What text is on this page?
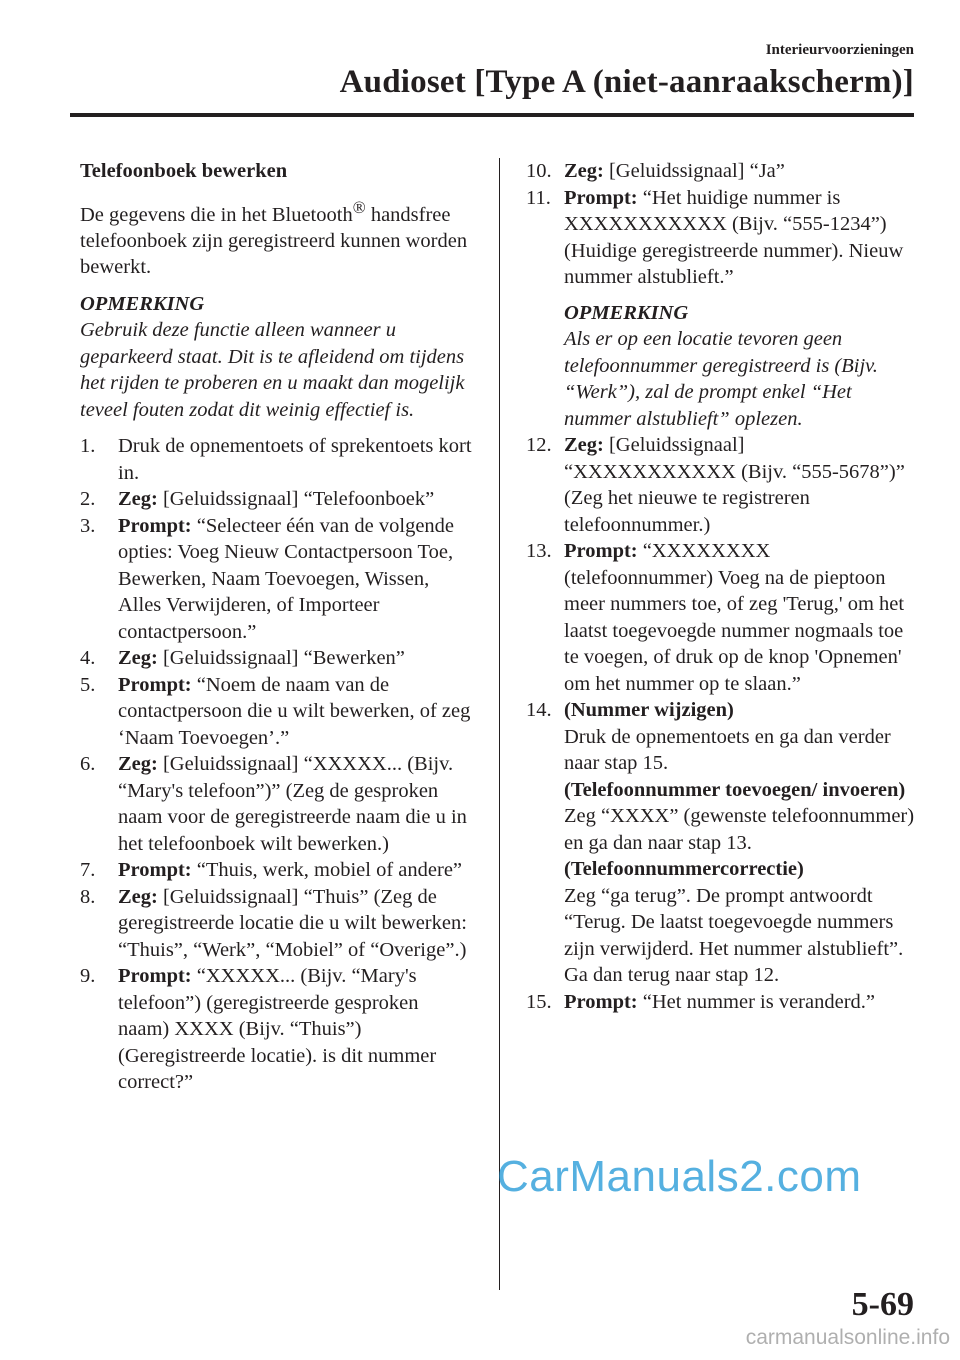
Interieurvoorzieningen
Audioset [Type A (niet-aanraakscherm)]
Telefoonboek bewerken
De gegevens die in het Bluetooth® handsfree telefoonboek zijn geregistreerd kunnen worden bewerkt.
OPMERKING
Gebruik deze functie alleen wanneer u geparkeerd staat. Dit is te afleidend om tijdens het rijden te proberen en u maakt dan mogelijk teveel fouten zodat dit weinig effectief is.
1. Druk de opnementoets of sprekentoets kort in.
2. Zeg: [Geluidssignaal] “Telefoonboek”
3. Prompt: “Selecteer één van de volgende opties: Voeg Nieuw Contactpersoon Toe, Bewerken, Naam Toevoegen, Wissen, Alles Verwijderen, of Importeer contactpersoon.”
4. Zeg: [Geluidssignaal] “Bewerken”
5. Prompt: “Noem de naam van de contactpersoon die u wilt bewerken, of zeg ‘Naam Toevoegen’.”
6. Zeg: [Geluidssignaal] “XXXXX... (Bijv. “Mary's telefoon”)” (Zeg de gesproken naam voor de geregistreerde naam die u in het telefoonboek wilt bewerken.)
7. Prompt: “Thuis, werk, mobiel of andere”
8. Zeg: [Geluidssignaal] “Thuis” (Zeg de geregistreerde locatie die u wilt bewerken: “Thuis”, “Werk”, “Mobiel” of “Overige”.)
9. Prompt: “XXXXX... (Bijv. “Mary's telefoon”) (geregistreerde gesproken naam) XXXX (Bijv. “Thuis”) (Geregistreerde locatie). is dit nummer correct?”
10. Zeg: [Geluidssignaal] “Ja”
11. Prompt: “Het huidige nummer is XXXXXXXXXXX (Bijv. “555-1234”) (Huidige geregistreerde nummer). Nieuw nummer alstublieft.”
OPMERKING
Als er op een locatie tevoren geen telefoonnummer geregistreerd is (Bijv. “Werk”), zal de prompt enkel “Het nummer alstublieft” oplezen.
12. Zeg: [Geluidssignaal] “XXXXXXXXXXX (Bijv. “555-5678”)” (Zeg het nieuwe te registreren telefoonnummer.)
13. Prompt: “XXXXXXXX (telefoonnummer) Voeg na de pieptoon meer nummers toe, of zeg 'Terug,' om het laatst toegevoegde nummer nogmaals toe te voegen, of druk op de knop 'Opnemen' om het nummer op te slaan.”
14. (Nummer wijzigen)
Druk de opnementoets en ga dan verder naar stap 15.
(Telefoonnummer toevoegen/ invoeren)
Zeg “XXXX” (gewenste telefoonnummer) en ga dan naar stap 13.
(Telefoonnummercorrectie)
Zeg “ga terug”. De prompt antwoordt “Terug. De laatst toegevoegde nummers zijn verwijderd. Het nummer alstublieft”. Ga dan terug naar stap 12.
15. Prompt: “Het nummer is veranderd.”
CarManuals2.com
5-69
carmanualsonline.info
